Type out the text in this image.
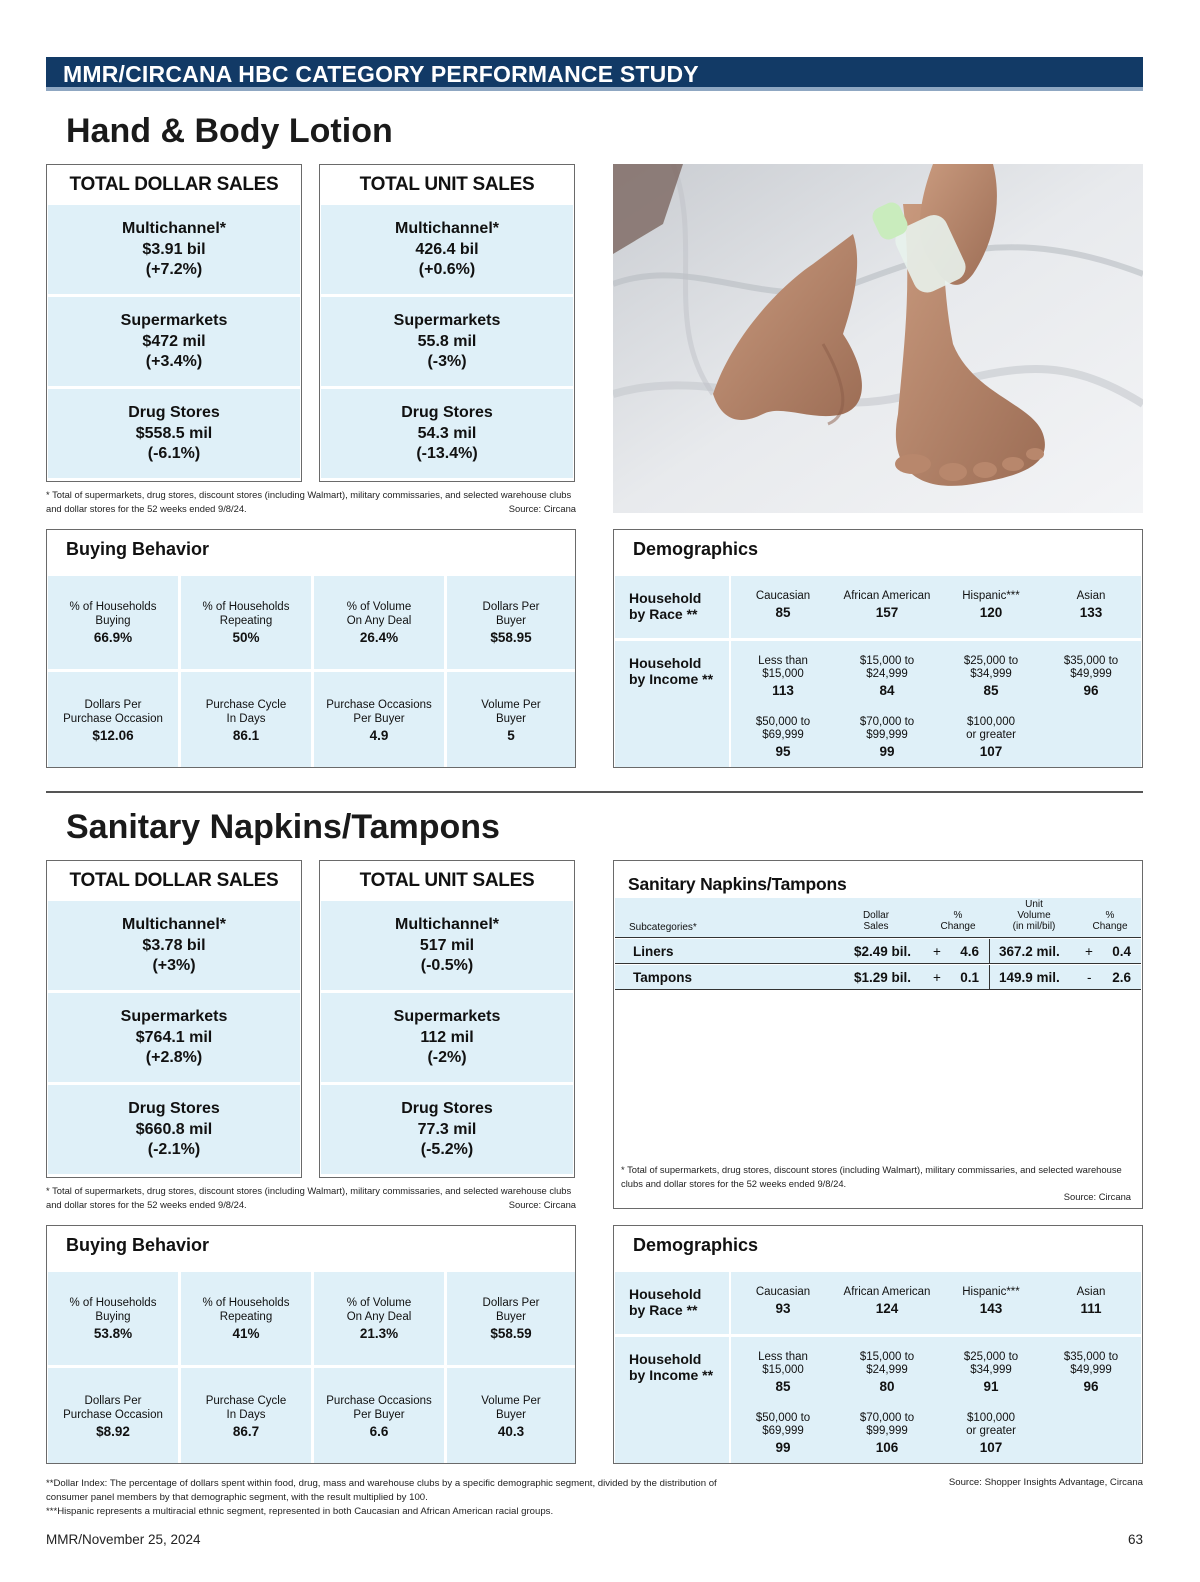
MMR/CIRCANA HBC CATEGORY PERFORMANCE STUDY
Hand & Body Lotion
TOTAL DOLLAR SALES
Multichannel*
$3.91 bil
(+7.2%)
Supermarkets
$472 mil
(+3.4%)
Drug Stores
$558.5 mil
(-6.1%)
TOTAL UNIT SALES
Multichannel*
426.4 bil
(+0.6%)
Supermarkets
55.8 mil
(-3%)
Drug Stores
54.3 mil
(-13.4%)
* Total of supermarkets, drug stores, discount stores (including Walmart), military commissaries, and selected warehouse clubs and dollar stores for the 52 weeks ended 9/8/24.	Source: Circana
Buying Behavior
% of Households
Buying
66.9%
% of Households
Repeating
50%
% of Volume
On Any Deal
26.4%
Dollars Per
Buyer
$58.95
Dollars Per
Purchase Occasion
$12.06
Purchase Cycle
In Days
86.1
Purchase Occasions
Per Buyer
4.9
Volume Per
Buyer
5
Demographics
Household
by Race **
Caucasian
85
African American
157
Hispanic***
120
Asian
133
Household
by Income **
Less than
$15,000
113
$15,000 to
$24,999
84
$25,000 to
$34,999
85
$35,000 to
$49,999
96
$50,000 to
$69,999
95
$70,000 to
$99,999
99
$100,000
or greater
107
Sanitary Napkins/Tampons
TOTAL DOLLAR SALES
Multichannel*
$3.78 bil
(+3%)
Supermarkets
$764.1 mil
(+2.8%)
Drug Stores
$660.8 mil
(-2.1%)
TOTAL UNIT SALES
Multichannel*
517 mil
(-0.5%)
Supermarkets
112 mil
(-2%)
Drug Stores
77.3 mil
(-5.2%)
* Total of supermarkets, drug stores, discount stores (including Walmart), military commissaries, and selected warehouse clubs and dollar stores for the 52 weeks ended 9/8/24.	Source: Circana
Sanitary Napkins/Tampons
Subcategories*
Dollar
Sales
%
Change
Unit
Volume
(in mil/bil)
%
Change
Liners	$2.49 bil. +	4.6 367.2 mil. +	0.4
Tampons	$1.29 bil. +	0.1 149.9 mil. -	2.6
* Total of supermarkets, drug stores, discount stores (including Walmart), military commissaries, and selected warehouse clubs and dollar stores for the 52 weeks ended 9/8/24.
Source: Circana
Buying Behavior
% of Households
Buying
53.8%
% of Households
Repeating
41%
% of Volume
On Any Deal
21.3%
Dollars Per
Buyer
$58.59
Dollars Per
Purchase Occasion
$8.92
Purchase Cycle
In Days
86.7
Purchase Occasions
Per Buyer
6.6
Volume Per
Buyer
40.3
Demographics
Household
by Race **
Caucasian
93
African American
124
Hispanic***
143
Asian
111
Household
by Income **
Less than
$15,000
85
$15,000 to
$24,999
80
$25,000 to
$34,999
91
$35,000 to
$49,999
96
$50,000 to
$69,999
99
$70,000 to
$99,999
106
$100,000
or greater
107
**Dollar Index: The percentage of dollars spent within food, drug, mass and warehouse clubs by a specific demographic segment, divided by the distribution of consumer panel members by that demographic segment, with the result multiplied by 100.
***Hispanic represents a multiracial ethnic segment, represented in both Caucasian and African American racial groups.
Source: Shopper Insights Advantage, Circana
MMR/November 25, 2024	63
